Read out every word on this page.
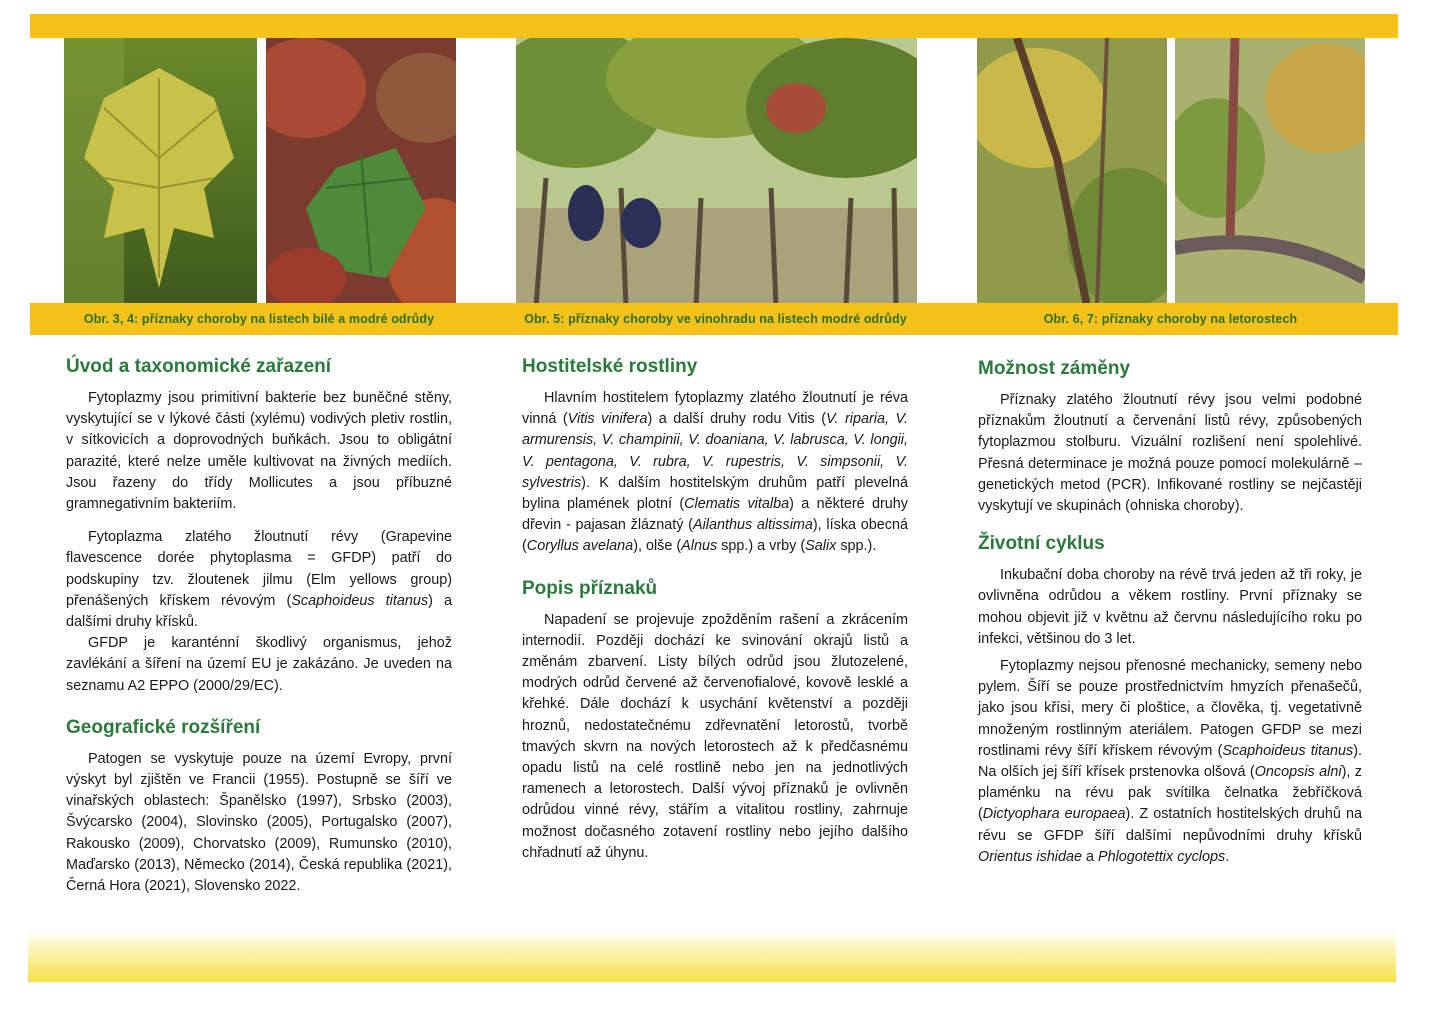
Obr. 3, 4: příznaky choroby na listech bílé a modré odrůdy	Obr. 5: příznaky choroby ve vinohradu na listech modré odrůdy	Obr. 6, 7: příznaky choroby na letorostech
Úvod a taxonomické zařazení

Fytoplazmy jsou primitivní bakterie bez buněčné stěny, vyskytující se v lýkové části (xylému) vodivých pletiv rostlin, v sítkovicích a doprovodných buňkách. Jsou to obligátní parazité, které nelze uměle kultivovat na živných mediích. Jsou řazeny do třídy Mollicutes a jsou příbuzné gramnegativním bakteriím.

Fytoplazma zlatého žloutnutí révy (Grapevine flavescence dorée phytoplasma = GFDP) patří do podskupiny tzv. žloutenek jilmu (Elm yellows group) přenášených křískem révovým (Scaphoideus titanus) a dalšími druhy křísků.

GFDP je karanténní škodlivý organismus, jehož zavlékání a šíření na území EU je zakázáno. Je uveden na seznamu A2 EPPO (2000/29/EC).

Geografické rozšíření

Patogen se vyskytuje pouze na území Evropy, první výskyt byl zjištěn ve Francii (1955). Postupně se šíří ve vinařských oblastech: Španělsko (1997), Srbsko (2003), Švýcarsko (2004), Slovinsko (2005), Portugalsko (2007), Rakousko (2009), Chorvatsko (2009), Rumunsko (2010), Maďarsko (2013), Německo (2014), Česká republika (2021), Černá Hora (2021), Slovensko 2022.

Hostitelské rostliny

Hlavním hostitelem fytoplazmy zlatého žloutnutí je réva vinná (Vitis vinifera) a další druhy rodu Vitis (V. riparia, V. armurensis, V. champinii, V. doaniana, V. labrusca, V. longii, V. pentagona, V. rubra, V. rupestris, V. simpsonii, V. sylvestris). K dalším hostitelským druhům patří plevelná bylina plamének plotní (Clematis vitalba) a některé druhy dřevin - pajasan žláznatý (Ailanthus altissima), líska obecná (Coryllus avelana), olše (Alnus spp.) a vrby (Salix spp.).

Popis příznaků

Napadení se projevuje zpožděním rašení a zkrácením internodií. Později dochází ke svinování okrajů listů a změnám zbarvení. Listy bílých odrůd jsou žlutozelené, modrých odrůd červené až červenofialové, kovově lesklé a křehké. Dále dochází k usychání květenství a později hroznů, nedostatečnému zdřevnatění letorostů, tvorbě tmavých skvrn na nových letorostech až k předčasnému opadu listů na celé rostlině nebo jen na jednotlivých ramenech a letorostech. Další vývoj příznaků je ovlivněn odrůdou vinné révy, stářím a vitalitou rostliny, zahrnuje možnost dočasného zotavení rostliny nebo jejího dalšího chřadnutí až úhynu.

Možnost záměny

Příznaky zlatého žloutnutí révy jsou velmi podobné příznakům žloutnutí a červenání listů révy, způsobených fytoplazmou stolburu. Vizuální rozlišení není spolehlivé. Přesná determinace je možná pouze pomocí molekulárně – genetických metod (PCR). Infikované rostliny se nejčastěji vyskytují ve skupinách (ohniska choroby).

Životní cyklus

Inkubační doba choroby na révě trvá jeden až tři roky, je ovlivněna odrůdou a věkem rostliny. První příznaky se mohou objevit již v květnu až červnu následujícího roku po infekci, většinou do 3 let.

Fytoplazmy nejsou přenosné mechanicky, semeny nebo pylem. Šíří se pouze prostřednictvím hmyzích přenašečů, jako jsou křísi, mery či ploštice, a člověka, tj. vegetativně množeným rostlinným ateriálem. Patogen GFDP se mezi rostlinami révy šíří křískem révovým (Scaphoideus titanus). Na olších jej šíří křísek prstenovka olšová (Oncopsis alni), z plaménku na révu pak svítilka čelnatka žebříčková (Dictyophara europaea). Z ostatních hostitelských druhů na révu se GFDP šíří dalšími nepůvodními druhy křísků Orientus ishidae a Phlogotettix cyclops.
